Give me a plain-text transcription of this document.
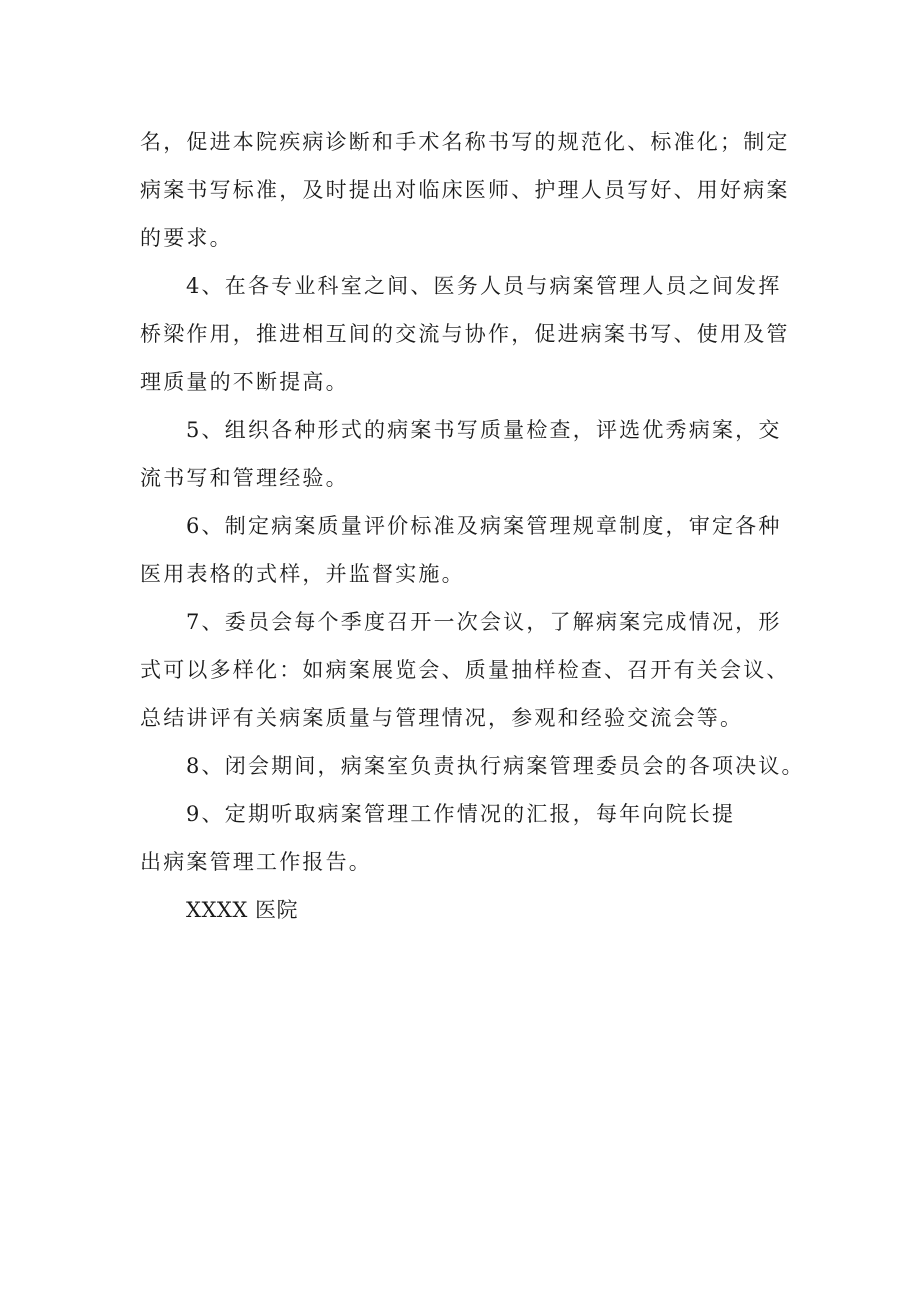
名，促进本院疾病诊断和手术名称书写的规范化、标准化；制定
病案书写标准，及时提出对临床医师、护理人员写好、用好病案
的要求。
4、在各专业科室之间、医务人员与病案管理人员之间发挥
桥梁作用，推进相互间的交流与协作，促进病案书写、使用及管
理质量的不断提高。
5、组织各种形式的病案书写质量检查，评选优秀病案，交
流书写和管理经验。
6、制定病案质量评价标准及病案管理规章制度，审定各种
医用表格的式样，并监督实施。
7、委员会每个季度召开一次会议，了解病案完成情况，形
式可以多样化：如病案展览会、质量抽样检查、召开有关会议、
总结讲评有关病案质量与管理情况，参观和经验交流会等。
8、闭会期间，病案室负责执行病案管理委员会的各项决议。
9、定期听取病案管理工作情况的汇报，每年向院长提
出病案管理工作报告。

XXXX 医院
